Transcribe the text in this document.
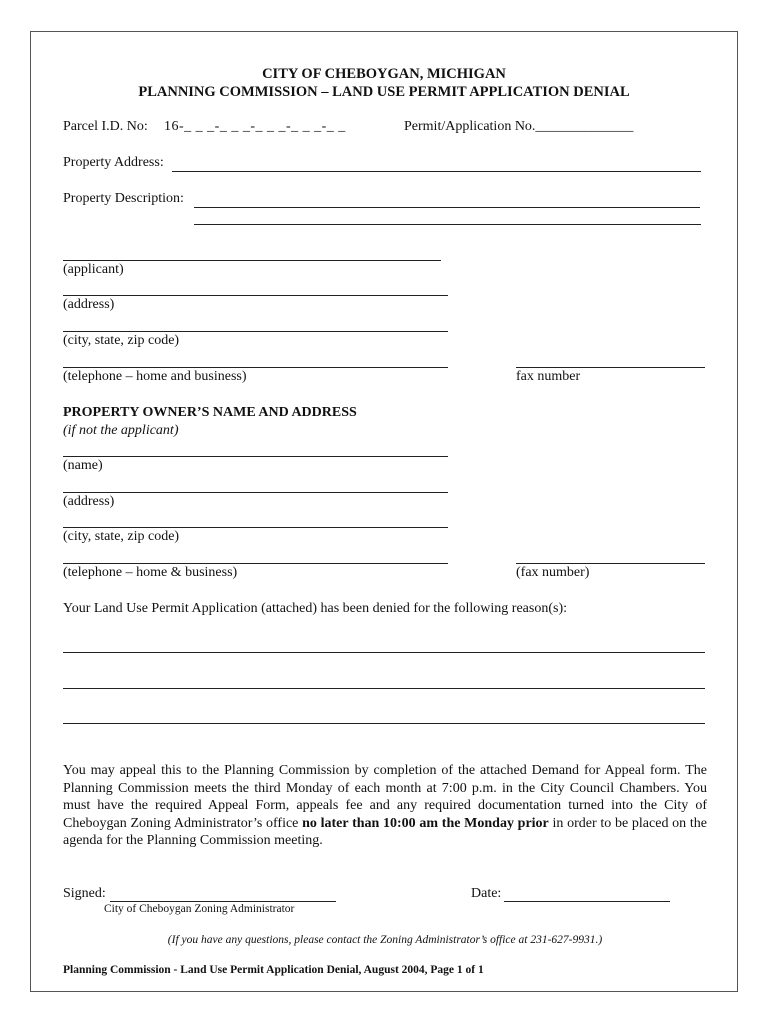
CITY OF CHEBOYGAN, MICHIGAN
PLANNING COMMISSION – LAND USE PERMIT APPLICATION DENIAL
Parcel I.D. No: 16-_ _ _-_ _ _-_ _ _-_ _ _-_ _	Permit/Application No.______________
Property Address:
Property Description:
(applicant)
(address)
(city, state, zip code)
(telephone – home and business)	fax number
PROPERTY OWNER’S NAME AND ADDRESS
(if not the applicant)
(name)
(address)
(city, state, zip code)
(telephone – home & business)	(fax number)
Your Land Use Permit Application (attached) has been denied for the following reason(s):
You may appeal this to the Planning Commission by completion of the attached Demand for Appeal form. The Planning Commission meets the third Monday of each month at 7:00 p.m. in the City Council Chambers. You must have the required Appeal Form, appeals fee and any required documentation turned into the City of Cheboygan Zoning Administrator’s office no later than 10:00 am the Monday prior in order to be placed on the agenda for the Planning Commission meeting.
Signed:
City of Cheboygan Zoning Administrator
Date:
(If you have any questions, please contact the Zoning Administrator’s office at 231-627-9931.)
Planning Commission - Land Use Permit Application Denial, August 2004, Page 1 of 1
